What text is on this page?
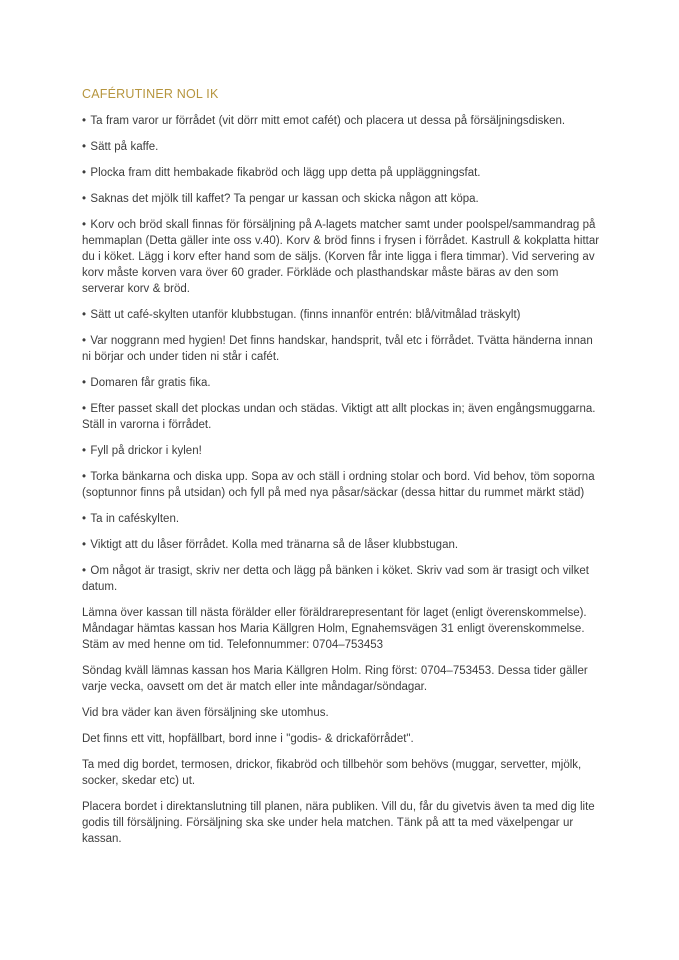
CAFÉRUTINER NOL IK

• Ta fram varor ur förrådet (vit dörr mitt emot cafét) och placera ut dessa på försäljningsdisken.

• Sätt på kaffe.

• Plocka fram ditt hembakade fikabröd och lägg upp detta på uppläggningsfat.

• Saknas det mjölk till kaffet? Ta pengar ur kassan och skicka någon att köpa.

• Korv och bröd skall finnas för försäljning på A-lagets matcher samt under poolspel/sammandrag på hemmaplan (Detta gäller inte oss v.40). Korv & bröd finns i frysen i förrådet. Kastrull & kokplatta hittar du i köket. Lägg i korv efter hand som de säljs. (Korven får inte ligga i flera timmar). Vid servering av korv måste korven vara över 60 grader. Förkläde och plasthandskar måste bäras av den som serverar korv & bröd.

• Sätt ut café-skylten utanför klubbstugan. (finns innanför entrén: blå/vitmålad träskylt)

• Var noggrann med hygien! Det finns handskar, handsprit, tvål etc i förrådet. Tvätta händerna innan ni börjar och under tiden ni står i cafét.

• Domaren får gratis fika.

• Efter passet skall det plockas undan och städas. Viktigt att allt plockas in; även engångsmuggarna. Ställ in varorna i förrådet.

• Fyll på drickor i kylen!

• Torka bänkarna och diska upp. Sopa av och ställ i ordning stolar och bord. Vid behov, töm soporna (soptunnor finns på utsidan) och fyll på med nya påsar/säckar (dessa hittar du rummet märkt städ)

• Ta in caféskylten.

• Viktigt att du låser förrådet. Kolla med tränarna så de låser klubbstugan.

• Om något är trasigt, skriv ner detta och lägg på bänken i köket. Skriv vad som är trasigt och vilket datum.

Lämna över kassan till nästa förälder eller föräldrarepresentant för laget (enligt överenskommelse). Måndagar hämtas kassan hos Maria Källgren Holm, Egnahemsvägen 31 enligt överenskommelse. Stäm av med henne om tid. Telefonnummer: 0704–753453

Söndag kväll lämnas kassan hos Maria Källgren Holm. Ring först: 0704–753453. Dessa tider gäller varje vecka, oavsett om det är match eller inte måndagar/söndagar.

Vid bra väder kan även försäljning ske utomhus.

Det finns ett vitt, hopfällbart, bord inne i "godis- & drickaförrådet".

Ta med dig bordet, termosen, drickor, fikabröd och tillbehör som behövs (muggar, servetter, mjölk, socker, skedar etc) ut.

Placera bordet i direktanslutning till planen, nära publiken. Vill du, får du givetvis även ta med dig lite godis till försäljning. Försäljning ska ske under hela matchen. Tänk på att ta med växelpengar ur kassan.
